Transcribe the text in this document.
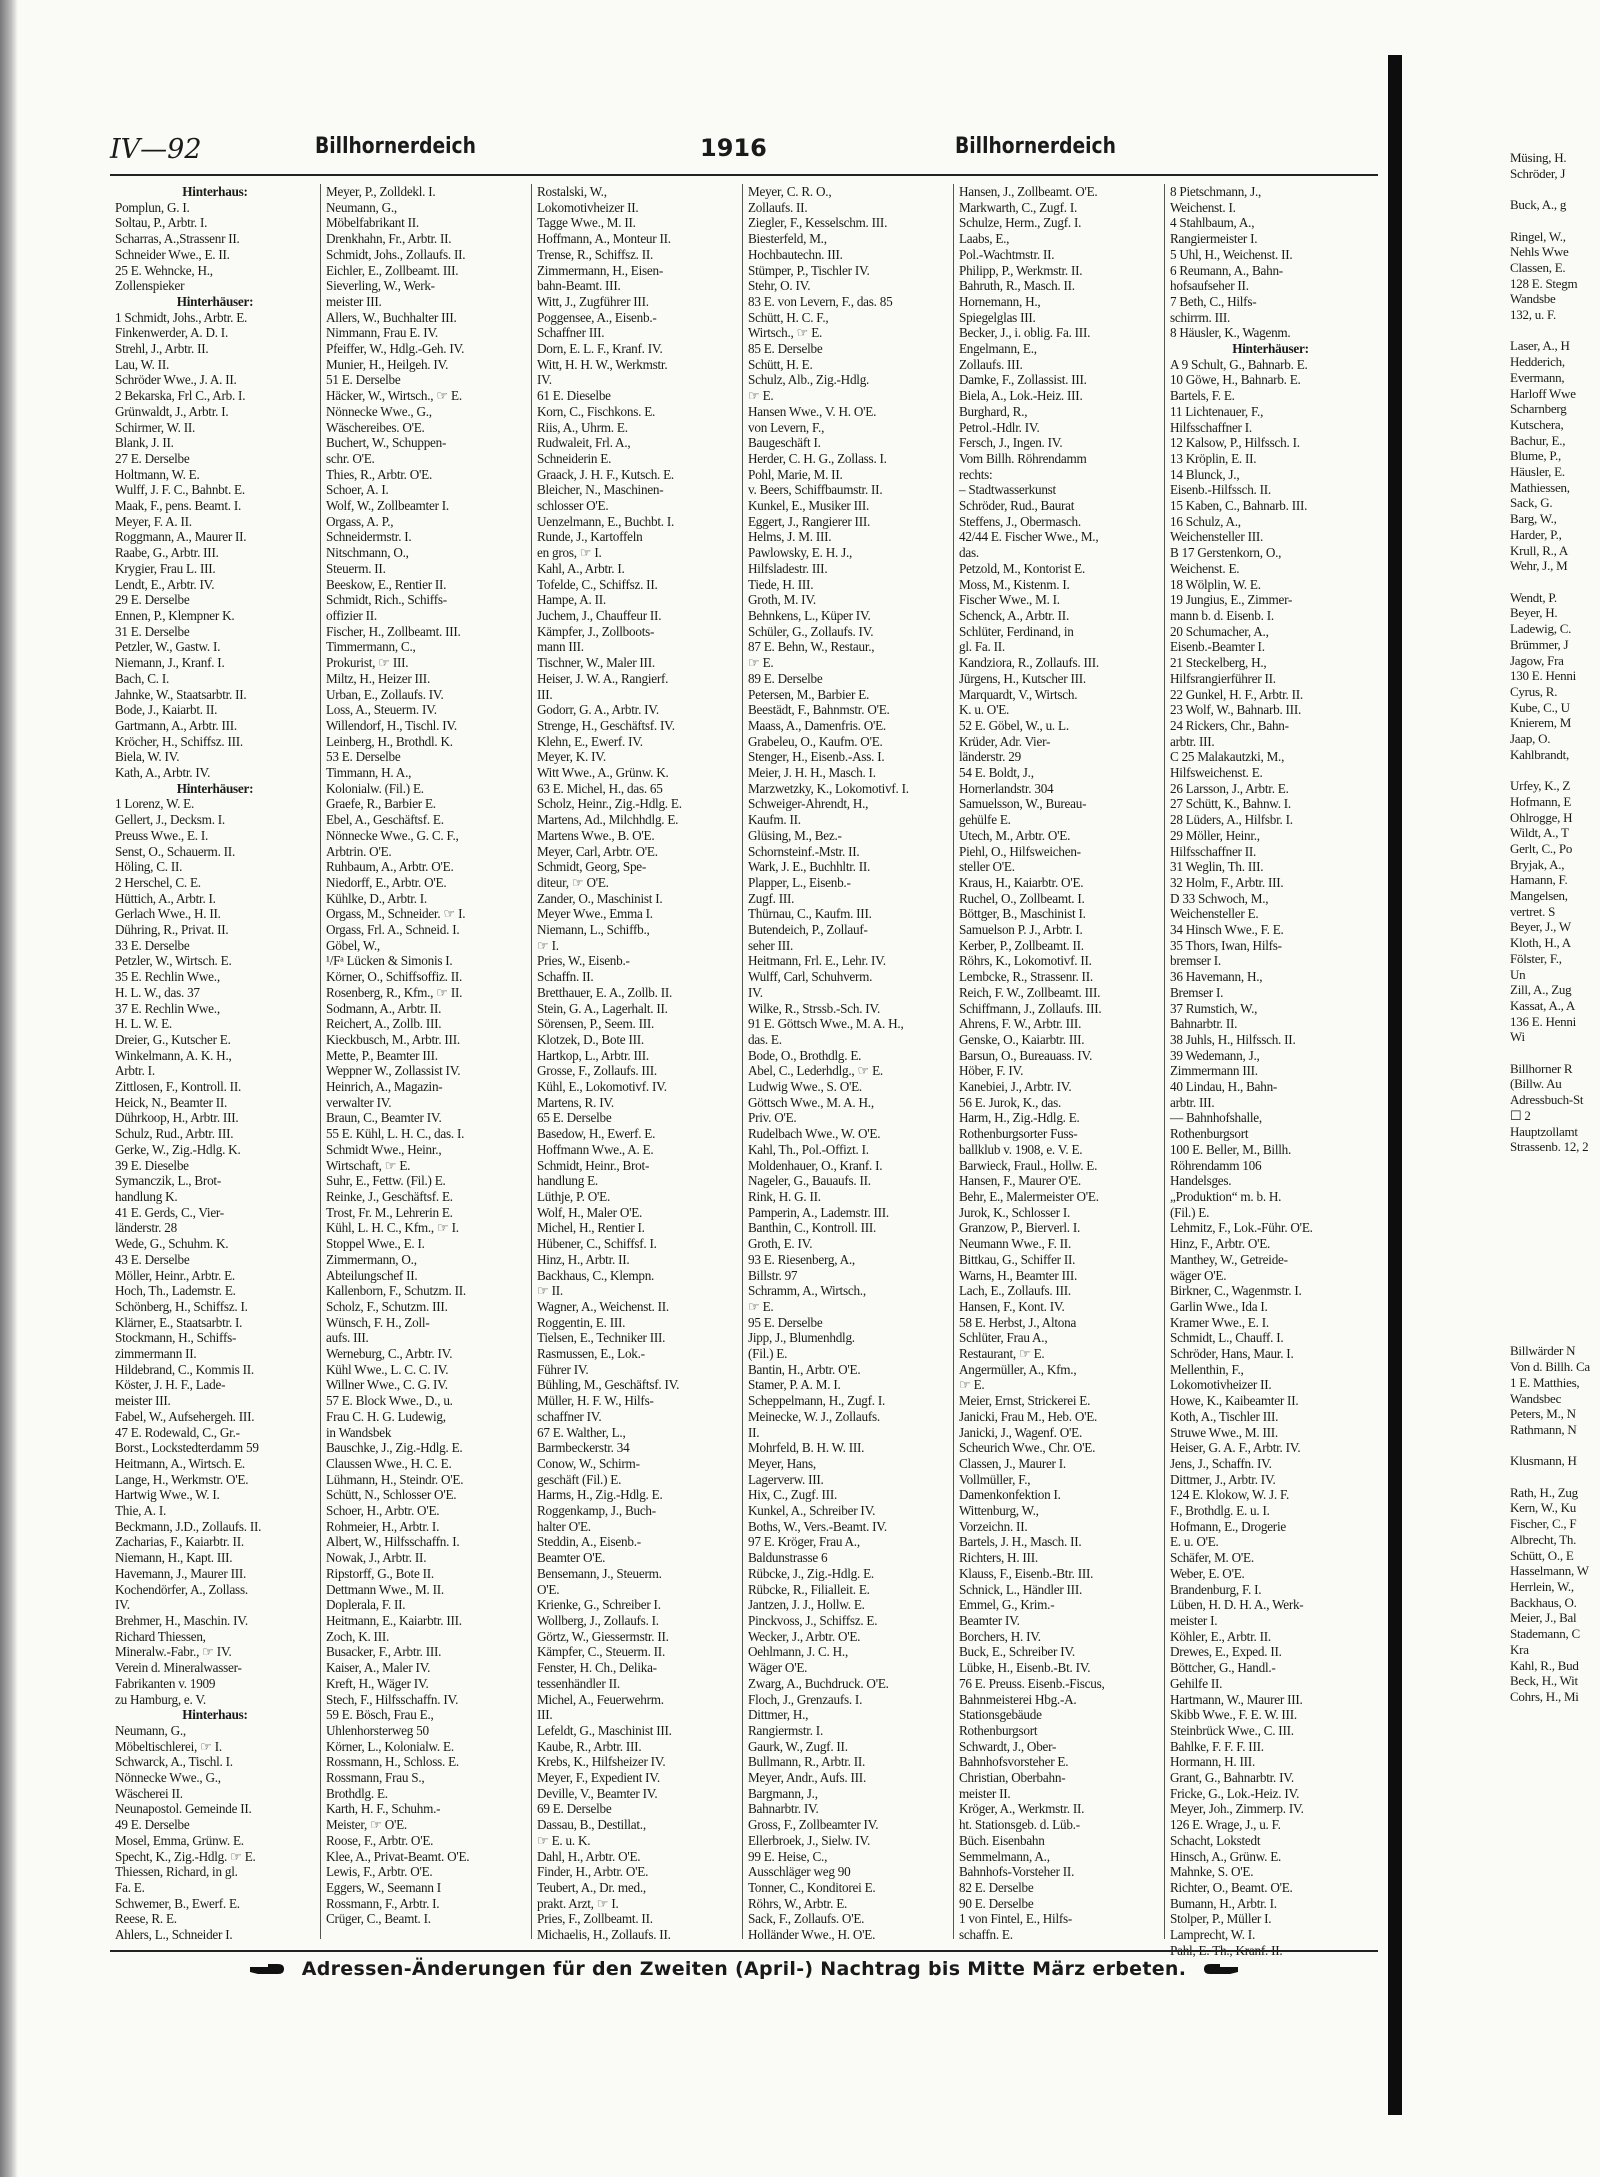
IV—92	Billhornerdeich	1916	Billhornerdeich
Hinterhaus:
Pomplun, G. I.
Soltau, P., Arbtr. I.
Scharras, A.,Strassenr II.
Schneider Wwe., E. II.
25 E. Wehncke, H.,
Zollenspieker
Hinterhäuser:
1 Schmidt, Johs., Arbtr. E.
Finkenwerder, A. D. I.
Strehl, J., Arbtr. II.
Lau, W. II.
Schröder Wwe., J. A. II.
2 Bekarska, Frl C., Arb. I.
Grünwaldt, J., Arbtr. I.
Schirmer, W. II.
Blank, J. II.
27 E. Derselbe
Holtmann, W. E.
Wulff, J. F. C., Bahnbt. E.
Maak, F., pens. Beamt. I.
Meyer, F. A. II.
Roggmann, A., Maurer II.
Raabe, G., Arbtr. III.
Krygier, Frau L. III.
Lendt, E., Arbtr. IV.
29 E. Derselbe
Ennen, P., Klempner K.
31 E. Derselbe
Petzler, W., Gastw. I.
Niemann, J., Kranf. I.
Bach, C. I.
Jahnke, W., Staatsarbtr. II.
Bode, J., Kaiarbt. II.
Gartmann, A., Arbtr. III.
Kröcher, H., Schiffsz. III.
Biela, W. IV.
Kath, A., Arbtr. IV.
Hinterhäuser:
1 Lorenz, W. E.
Gellert, J., Decksm. I.
Preuss Wwe., E. I.
Senst, O., Schauerm. II.
Höling, C. II.
2 Herschel, C. E.
Hüttich, A., Arbtr. I.
Gerlach Wwe., H. II.
Dühring, R., Privat. II.
33 E. Derselbe
Petzler, W., Wirtsch. E.
35 E. Rechlin Wwe.,
H. L. W., das. 37
37 E. Rechlin Wwe.,
H. L. W. E.
Dreier, G., Kutscher E.
Winkelmann, A. K. H.,
Arbtr. I.
Zittlosen, F., Kontroll. II.
Heick, N., Beamter II.
Dührkoop, H., Arbtr. III.
Schulz, Rud., Arbtr. III.
Gerke, W., Zig.-Hdlg. K.
39 E. Dieselbe
Symanczik, L., Brot-
handlung K.
41 E. Gerds, C., Vier-
länderstr. 28
Wede, G., Schuhm. K.
43 E. Derselbe
Möller, Heinr., Arbtr. E.
Hoch, Th., Lademstr. E.
Schönberg, H., Schiffsz. I.
Klärner, E., Staatsarbtr. I.
Stockmann, H., Schiffs-
zimmermann II.
Hildebrand, C., Kommis II.
Köster, J. H. F., Lade-
meister III.
Fabel, W., Aufsehergeh. III.
47 E. Rodewald, C., Gr.-
Borst., Lockstedterdamm 59
Heitmann, A., Wirtsch. E.
Lange, H., Werkmstr. O'E.
Hartwig Wwe., W. I.
Thie, A. I.
Beckmann, J.D., Zollaufs. II.
Zacharias, F., Kaiarbtr. II.
Niemann, H., Kapt. III.
Havemann, J., Maurer III.
Kochendörfer, A., Zollass.
IV.
Brehmer, H., Maschin. IV.
Richard Thiessen,
Mineralw.-Fabr., ☞ IV.
Verein d. Mineralwasser-
Fabrikanten v. 1909
zu Hamburg, e. V.
Hinterhaus:
Neumann, G.,
Möbeltischlerei, ☞ I.
Schwarck, A., Tischl. I.
Nönnecke Wwe., G.,
Wäscherei II.
Neunapostol. Gemeinde II.
49 E. Derselbe
Mosel, Emma, Grünw. E.
Specht, K., Zig.-Hdlg. ☞ E.
Thiessen, Richard, in gl.
Fa. E.
Schwemer, B., Ewerf. E.
Reese, R. E.
Ahlers, L., Schneider I.
Meyer, P., Zolldekl. I.
Neumann, G.,
Möbelfabrikant II.
Drenkhahn, Fr., Arbtr. II.
Schmidt, Johs., Zollaufs. II.
Eichler, E., Zollbeamt. III.
Sieverling, W., Werk-
meister III.
Allers, W., Buchhalter III.
Nimmann, Frau E. IV.
Pfeiffer, W., Hdlg.-Geh. IV.
Munier, H., Heilgeh. IV.
51 E. Derselbe
Häcker, W., Wirtsch., ☞ E.
Nönnecke Wwe., G.,
Wäschereibes. O'E.
Buchert, W., Schuppen-
schr. O'E.
Thies, R., Arbtr. O'E.
Schoer, A. I.
Wolf, W., Zollbeamter I.
Orgass, A. P.,
Schneidermstr. I.
Nitschmann, O.,
Steuerm. II.
Beeskow, E., Rentier II.
Schmidt, Rich., Schiffs-
offizier II.
Fischer, H., Zollbeamt. III.
Timmermann, C.,
Prokurist, ☞ III.
Miltz, H., Heizer III.
Urban, E., Zollaufs. IV.
Loss, A., Steuerm. IV.
Willendorf, H., Tischl. IV.
Leinberg, H., Brothdl. K.
53 E. Derselbe
Timmann, H. A.,
Kolonialw. (Fil.) E.
Graefe, R., Barbier E.
Ebel, A., Geschäftsf. E.
Nönnecke Wwe., G. C. F.,
Arbtrin. O'E.
Ruhbaum, A., Arbtr. O'E.
Niedorff, E., Arbtr. O'E.
Kühlke, D., Arbtr. I.
Orgass, M., Schneider. ☞ I.
Orgass, Frl. A., Schneid. I.
Göbel, W.,
¹/Fᵃ Lücken & Simonis I.
Körner, O., Schiffsoffiz. II.
Rosenberg, R., Kfm., ☞ II.
Sodmann, A., Arbtr. II.
Reichert, A., Zollb. III.
Kieckbusch, M., Arbtr. III.
Mette, P., Beamter III.
Weppner W., Zollassist IV.
Heinrich, A., Magazin-
verwalter IV.
Braun, C., Beamter IV.
55 E. Kühl, L. H. C., das. I.
Schmidt Wwe., Heinr.,
Wirtschaft, ☞ E.
Suhr, E., Fettw. (Fil.) E.
Reinke, J., Geschäftsf. E.
Trost, Fr. M., Lehrerin E.
Kühl, L. H. C., Kfm., ☞ I.
Stoppel Wwe., E. I.
Zimmermann, O.,
Abteilungschef II.
Kallenborn, F., Schutzm. II.
Scholz, F., Schutzm. III.
Wünsch, F. H., Zoll-
aufs. III.
Werneburg, C., Arbtr. IV.
Kühl Wwe., L. C. C. IV.
Willner Wwe., C. G. IV.
57 E. Block Wwe., D., u.
Frau C. H. G. Ludewig,
in Wandsbek
Bauschke, J., Zig.-Hdlg. E.
Claussen Wwe., H. C. E.
Lühmann, H., Steindr. O'E.
Schütt, N., Schlosser O'E.
Schoer, H., Arbtr. O'E.
Rohmeier, H., Arbtr. I.
Albert, W., Hilfsschaffn. I.
Nowak, J., Arbtr. II.
Ripstorff, G., Bote II.
Dettmann Wwe., M. II.
Doplerala, F. II.
Heitmann, E., Kaiarbtr. III.
Zoch, K. III.
Busacker, F., Arbtr. III.
Kaiser, A., Maler IV.
Kreft, H., Wäger IV.
Stech, F., Hilfsschaffn. IV.
59 E. Bösch, Frau E.,
Uhlenhorsterweg 50
Körner, L., Kolonialw. E.
Rossmann, H., Schloss. E.
Rossmann, Frau S.,
Brothdlg. E.
Karth, H. F., Schuhm.-
Meister, ☞ O'E.
Roose, F., Arbtr. O'E.
Klee, A., Privat-Beamt. O'E.
Lewis, F., Arbtr. O'E.
Eggers, W., Seemann I
Rossmann, F., Arbtr. I.
Crüger, C., Beamt. I.
Rostalski, W.,
Lokomotivheizer II.
Tagge Wwe., M. II.
Hoffmann, A., Monteur II.
Trense, R., Schiffsz. II.
Zimmermann, H., Eisen-
bahn-Beamt. III.
Witt, J., Zugführer III.
Poggensee, A., Eisenb.-
Schaffner III.
Dorn, E. L. F., Kranf. IV.
Witt, H. H. W., Werkmstr.
IV.
61 E. Dieselbe
Korn, C., Fischkons. E.
Riis, A., Uhrm. E.
Rudwaleit, Frl. A.,
Schneiderin E.
Graack, J. H. F., Kutsch. E.
Bleicher, N., Maschinen-
schlosser O'E.
Uenzelmann, E., Buchbt. I.
Runde, J., Kartoffeln
en gros, ☞ I.
Kahl, A., Arbtr. I.
Tofelde, C., Schiffsz. II.
Hampe, A. II.
Juchem, J., Chauffeur II.
Kämpfer, J., Zollboots-
mann III.
Tischner, W., Maler III.
Heiser, J. W. A., Rangierf.
III.
Godorr, G. A., Arbtr. IV.
Strenge, H., Geschäftsf. IV.
Klehn, E., Ewerf. IV.
Meyer, K. IV.
Witt Wwe., A., Grünw. K.
63 E. Michel, H., das. 65
Scholz, Heinr., Zig.-Hdlg. E.
Martens, Ad., Milchhdlg. E.
Martens Wwe., B. O'E.
Meyer, Carl, Arbtr. O'E.
Schmidt, Georg, Spe-
diteur, ☞ O'E.
Zander, O., Maschinist I.
Meyer Wwe., Emma I.
Niemann, L., Schiffb.,
☞ I.
Pries, W., Eisenb.-
Schaffn. II.
Bretthauer, E. A., Zollb. II.
Stein, G. A., Lagerhalt. II.
Sörensen, P., Seem. III.
Klotzek, D., Bote III.
Hartkop, L., Arbtr. III.
Grosse, F., Zollaufs. III.
Kühl, E., Lokomotivf. IV.
Martens, R. IV.
65 E. Derselbe
Basedow, H., Ewerf. E.
Hoffmann Wwe., A. E.
Schmidt, Heinr., Brot-
handlung E.
Lüthje, P. O'E.
Wolf, H., Maler O'E.
Michel, H., Rentier I.
Hübener, C., Schiffsf. I.
Hinz, H., Arbtr. II.
Backhaus, C., Klempn.
☞ II.
Wagner, A., Weichenst. II.
Roggentin, E. III.
Tielsen, E., Techniker III.
Rasmussen, E., Lok.-
Führer IV.
Bühling, M., Geschäftsf. IV.
Müller, H. F. W., Hilfs-
schaffner IV.
67 E. Walther, L.,
Barmbeckerstr. 34
Conow, W., Schirm-
geschäft (Fil.) E.
Harms, H., Zig.-Hdlg. E.
Roggenkamp, J., Buch-
halter O'E.
Steddin, A., Eisenb.-
Beamter O'E.
Bensemann, J., Steuerm.
O'E.
Krienke, G., Schreiber I.
Wollberg, J., Zollaufs. I.
Görtz, W., Giessermstr. II.
Kämpfer, C., Steuerm. II.
Fenster, H. Ch., Delika-
tessenhändler II.
Michel, A., Feuerwehrm.
III.
Lefeldt, G., Maschinist III.
Kaube, R., Arbtr. III.
Krebs, K., Hilfsheizer IV.
Meyer, F., Expedient IV.
Deville, V., Beamter IV.
69 E. Derselbe
Dassau, B., Destillat.,
☞ E. u. K.
Dahl, H., Arbtr. O'E.
Finder, H., Arbtr. O'E.
Teubert, A., Dr. med.,
prakt. Arzt, ☞ I.
Pries, F., Zollbeamt. II.
Michaelis, H., Zollaufs. II.
Meyer, C. R. O.,
Zollaufs. II.
Ziegler, F., Kesselschm. III.
Biesterfeld, M.,
Hochbautechn. III.
Stümper, P., Tischler IV.
Stehr, O. IV.
83 E. von Levern, F., das. 85
Schütt, H. C. F.,
Wirtsch., ☞ E.
85 E. Derselbe
Schütt, H. E.
Schulz, Alb., Zig.-Hdlg.
☞ E.
Hansen Wwe., V. H. O'E.
von Levern, F.,
Baugeschäft I.
Herder, C. H. G., Zollass. I.
Pohl, Marie, M. II.
v. Beers, Schiffbaumstr. II.
Kunkel, E., Musiker III.
Eggert, J., Rangierer III.
Helms, J. M. III.
Pawlowsky, E. H. J.,
Hilfsladestr. III.
Tiede, H. III.
Groth, M. IV.
Behnkens, L., Küper IV.
Schüler, G., Zollaufs. IV.
87 E. Behn, W., Restaur.,
☞ E.
89 E. Derselbe
Petersen, M., Barbier E.
Beestädt, F., Bahnmstr. O'E.
Maass, A., Damenfris. O'E.
Grabeleu, O., Kaufm. O'E.
Stenger, H., Eisenb.-Ass. I.
Meier, J. H. H., Masch. I.
Marzwetzky, K., Lokomotivf. I.
Schweiger-Ahrendt, H.,
Kaufm. II.
Glüsing, M., Bez.-
Schornsteinf.-Mstr. II.
Wark, J. E., Buchhltr. II.
Plapper, L., Eisenb.-
Zugf. III.
Thürnau, C., Kaufm. III.
Butendeich, P., Zollauf-
seher III.
Heitmann, Frl. E., Lehr. IV.
Wulff, Carl, Schuhverm.
IV.
Wilke, R., Strssb.-Sch. IV.
91 E. Göttsch Wwe., M. A. H.,
das. E.
Bode, O., Brothdlg. E.
Abel, C., Lederhdlg., ☞ E.
Ludwig Wwe., S. O'E.
Göttsch Wwe., M. A. H.,
Priv. O'E.
Rudelbach Wwe., W. O'E.
Kahl, Th., Pol.-Offizt. I.
Moldenhauer, O., Kranf. I.
Nageler, G., Bauaufs. II.
Rink, H. G. II.
Pamperin, A., Lademstr. III.
Banthin, C., Kontroll. III.
Groth, E. IV.
93 E. Riesenberg, A.,
Billstr. 97
Schramm, A., Wirtsch.,
☞ E.
95 E. Derselbe
Jipp, J., Blumenhdlg.
(Fil.) E.
Bantin, H., Arbtr. O'E.
Stamer, P. A. M. I.
Scheppelmann, H., Zugf. I.
Meinecke, W. J., Zollaufs.
II.
Mohrfeld, B. H. W. III.
Meyer, Hans,
Lagerverw. III.
Hix, C., Zugf. III.
Kunkel, A., Schreiber IV.
Boths, W., Vers.-Beamt. IV.
97 E. Kröger, Frau A.,
Baldunstrasse 6
Rübcke, J., Zig.-Hdlg. E.
Rübcke, R., Filialleit. E.
Jantzen, J. J., Hollw. E.
Pinckvoss, J., Schiffsz. E.
Wecker, J., Arbtr. O'E.
Oehlmann, J. C. H.,
Wäger O'E.
Zwarg, A., Buchdruck. O'E.
Floch, J., Grenzaufs. I.
Dittmer, H.,
Rangiermstr. I.
Gaurk, W., Zugf. II.
Bullmann, R., Arbtr. II.
Meyer, Andr., Aufs. III.
Bargmann, J.,
Bahnarbtr. IV.
Gross, F., Zollbeamter IV.
Ellerbroek, J., Sielw. IV.
99 E. Heise, C.,
Ausschläger weg 90
Tonner, C., Konditorei E.
Röhrs, W., Arbtr. E.
Sack, F., Zollaufs. O'E.
Holländer Wwe., H. O'E.
Hansen, J., Zollbeamt. O'E.
Markwarth, C., Zugf. I.
Schulze, Herm., Zugf. I.
Laabs, E.,
Pol.-Wachtmstr. II.
Philipp, P., Werkmstr. II.
Bahruth, R., Masch. II.
Hornemann, H.,
Spiegelglas III.
Becker, J., i. oblig. Fa. III.
Engelmann, E.,
Zollaufs. III.
Damke, F., Zollassist. III.
Biela, A., Lok.-Heiz. III.
Burghard, R.,
Petrol.-Hdlr. IV.
Fersch, J., Ingen. IV.
Vom Billh. Röhrendamm
rechts:
– Stadtwasserkunst
Schröder, Rud., Baurat
Steffens, J., Obermasch.
42/44 E. Fischer Wwe., M.,
das.
Petzold, M., Kontorist E.
Moss, M., Kistenm. I.
Fischer Wwe., M. I.
Schenck, A., Arbtr. II.
Schlüter, Ferdinand, in
gl. Fa. II.
Kandziora, R., Zollaufs. III.
Jürgens, H., Kutscher III.
Marquardt, V., Wirtsch.
K. u. O'E.
52 E. Göbel, W., u. L.
Krüder, Adr. Vier-
länderstr. 29
54 E. Boldt, J.,
Hornerlandstr. 304
Samuelsson, W., Bureau-
gehülfe E.
Utech, M., Arbtr. O'E.
Piehl, O., Hilfsweichen-
steller O'E.
Kraus, H., Kaiarbtr. O'E.
Ruchel, O., Zollbeamt. I.
Böttger, B., Maschinist I.
Samuelson P. J., Arbtr. I.
Kerber, P., Zollbeamt. II.
Röhrs, K., Lokomotivf. II.
Lembcke, R., Strassenr. II.
Reich, F. W., Zollbeamt. III.
Schiffmann, J., Zollaufs. III.
Ahrens, F. W., Arbtr. III.
Genske, O., Kaiarbtr. III.
Barsun, O., Bureauass. IV.
Höber, F. IV.
Kanebiei, J., Arbtr. IV.
56 E. Jurok, K., das.
Harm, H., Zig.-Hdlg. E.
Rothenburgsorter Fuss-
ballklub v. 1908, e. V. E.
Barwieck, Fraul., Hollw. E.
Hansen, F., Maurer O'E.
Behr, E., Malermeister O'E.
Jurok, K., Schlosser I.
Granzow, P., Bierverl. I.
Neumann Wwe., F. II.
Bittkau, G., Schiffer II.
Warns, H., Beamter III.
Lach, E., Zollaufs. III.
Hansen, F., Kont. IV.
58 E. Herbst, J., Altona
Schlüter, Frau A.,
Restaurant, ☞ E.
Angermüller, A., Kfm.,
☞ E.
Meier, Ernst, Strickerei E.
Janicki, Frau M., Heb. O'E.
Janicki, J., Wagenf. O'E.
Scheurich Wwe., Chr. O'E.
Classen, J., Maurer I.
Vollmüller, F.,
Damenkonfektion I.
Wittenburg, W.,
Vorzeichn. II.
Bartels, J. H., Masch. II.
Richters, H. III.
Klauss, F., Eisenb.-Btr. III.
Schnick, L., Händler III.
Emmel, G., Krim.-
Beamter IV.
Borchers, H. IV.
Buck, E., Schreiber IV.
Lübke, H., Eisenb.-Bt. IV.
76 E. Preuss. Eisenb.-Fiscus,
Bahnmeisterei Hbg.-A.
Stationsgebäude
Rothenburgsort
Schwardt, J., Ober-
Bahnhofsvorsteher E.
Christian, Oberbahn-
meister II.
Kröger, A., Werkmstr. II.
ht. Stationsgeb. d. Lüb.-
Büch. Eisenbahn
Semmelmann, A.,
Bahnhofs-Vorsteher II.
82 E. Derselbe
90 E. Derselbe
1 von Fintel, E., Hilfs-
schaffn. E.
8 Pietschmann, J.,
Weichenst. I.
4 Stahlbaum, A.,
Rangiermeister I.
5 Uhl, H., Weichenst. II.
6 Reumann, A., Bahn-
hofsaufseher II.
7 Beth, C., Hilfs-
schirrm. III.
8 Häusler, K., Wagenm.
Hinterhäuser:
A 9 Schult, G., Bahnarb. E.
10 Göwe, H., Bahnarb. E.
Bartels, F. E.
11 Lichtenauer, F.,
Hilfsschaffner I.
12 Kalsow, P., Hilfssch. I.
13 Kröplin, E. II.
14 Blunck, J.,
Eisenb.-Hilfssch. II.
15 Kaben, C., Bahnarb. III.
16 Schulz, A.,
Weichensteller III.
B 17 Gerstenkorn, O.,
Weichenst. E.
18 Wölplin, W. E.
19 Jungius, E., Zimmer-
mann b. d. Eisenb. I.
20 Schumacher, A.,
Eisenb.-Beamter I.
21 Steckelberg, H.,
Hilfsrangierführer II.
22 Gunkel, H. F., Arbtr. II.
23 Wolf, W., Bahnarb. III.
24 Rickers, Chr., Bahn-
arbtr. III.
C 25 Malakautzki, M.,
Hilfsweichenst. E.
26 Larsson, J., Arbtr. E.
27 Schütt, K., Bahnw. I.
28 Lüders, A., Hilfsbr. I.
29 Möller, Heinr.,
Hilfsschaffner II.
31 Weglin, Th. III.
32 Holm, F., Arbtr. III.
D 33 Schwoch, M.,
Weichensteller E.
34 Hinsch Wwe., F. E.
35 Thors, Iwan, Hilfs-
bremser I.
36 Havemann, H.,
Bremser I.
37 Rumstich, W.,
Bahnarbtr. II.
38 Juhls, H., Hilfssch. II.
39 Wedemann, J.,
Zimmermann III.
40 Lindau, H., Bahn-
arbtr. III.
— Bahnhofshalle,
Rothenburgsort
100 E. Beller, M., Billh.
Röhrendamm 106
Handelsges.
„Produktion“ m. b. H.
(Fil.) E.
Lehmitz, F., Lok.-Führ. O'E.
Hinz, F., Arbtr. O'E.
Manthey, W., Getreide-
wäger O'E.
Birkner, C., Wagenmstr. I.
Garlin Wwe., Ida I.
Kramer Wwe., E. I.
Schmidt, L., Chauff. I.
Schröder, Hans, Maur. I.
Mellenthin, F.,
Lokomotivheizer II.
Howe, K., Kaibeamter II.
Koth, A., Tischler III.
Struwe Wwe., M. III.
Heiser, G. A. F., Arbtr. IV.
Jens, J., Schaffn. IV.
Dittmer, J., Arbtr. IV.
124 E. Klokow, W. J. F.
F., Brothdlg. E. u. I.
Hofmann, E., Drogerie
E. u. O'E.
Schäfer, M. O'E.
Weber, E. O'E.
Brandenburg, F. I.
Lüben, H. D. H. A., Werk-
meister I.
Köhler, E., Arbtr. II.
Drewes, E., Exped. II.
Böttcher, G., Handl.-
Gehilfe II.
Hartmann, W., Maurer III.
Skibb Wwe., F. E. W. III.
Steinbrück Wwe., C. III.
Bahlke, F. F. F. III.
Hormann, H. III.
Grant, G., Bahnarbtr. IV.
Fricke, G., Lok.-Heiz. IV.
Meyer, Joh., Zimmerp. IV.
126 E. Wrage, J., u. F.
Schacht, Lokstedt
Hinsch, A., Grünw. E.
Mahnke, S. O'E.
Richter, O., Beamt. O'E.
Bumann, H., Arbtr. I.
Stolper, P., Müller I.
Lamprecht, W. I.
Pahl, E. Th., Kranf. II.
Adressen-Änderungen für den Zweiten (April-) Nachtrag bis Mitte März erbeten.
Müsing, H.
Schröder, J

Buck, A., g

Ringel, W.,
Nehls Wwe
Classen, E.
128 E. Stegm
Wandsbe
132, u. F.

Laser, A., H
Hedderich,
Evermann,
Harloff Wwe
Scharnberg
Kutschera,
Bachur, E.,
Blume, P.,
Häusler, E.
Mathiessen,
Sack, G.
Barg, W.,
Harder, P.,
Krull, R., A
Wehr, J., M

Wendt, P.
Beyer, H.
Ladewig, C.
Brümmer, J
Jagow, Fra
130 E. Henni
Cyrus, R.
Kube, C., U
Knierem, M
Jaap, O.
Kahlbrandt,

Urfey, K., Z
Hofmann, E
Ohlrogge, H
Wildt, A., T
Gerlt, C., Po
Bryjak, A.,
Hamann, F.
Mangelsen,
vertret. S
Beyer, J., W
Kloth, H., A
Fölster, F.,
Un
Zill, A., Zug
Kassat, A., A
136 E. Henni
Wi

Billhorner R
(Billw. Au
Adressbuch-St
☐ 2
Hauptzollamt
Strassenb. 12, 2

Billwärder N
Von d. Billh. Ca
1 E. Matthies,
Wandsbec
Peters, M., N
Rathmann, N

Klusmann, H

Rath, H., Zug
Kern, W., Ku
Fischer, C., F
Albrecht, Th.
Schütt, O., E
Hasselmann, W
Herrlein, W.,
Backhaus, O.
Meier, J., Bal
Stademann, C
Kra
Kahl, R., Bud
Beck, H., Wit
Cohrs, H., Mi
